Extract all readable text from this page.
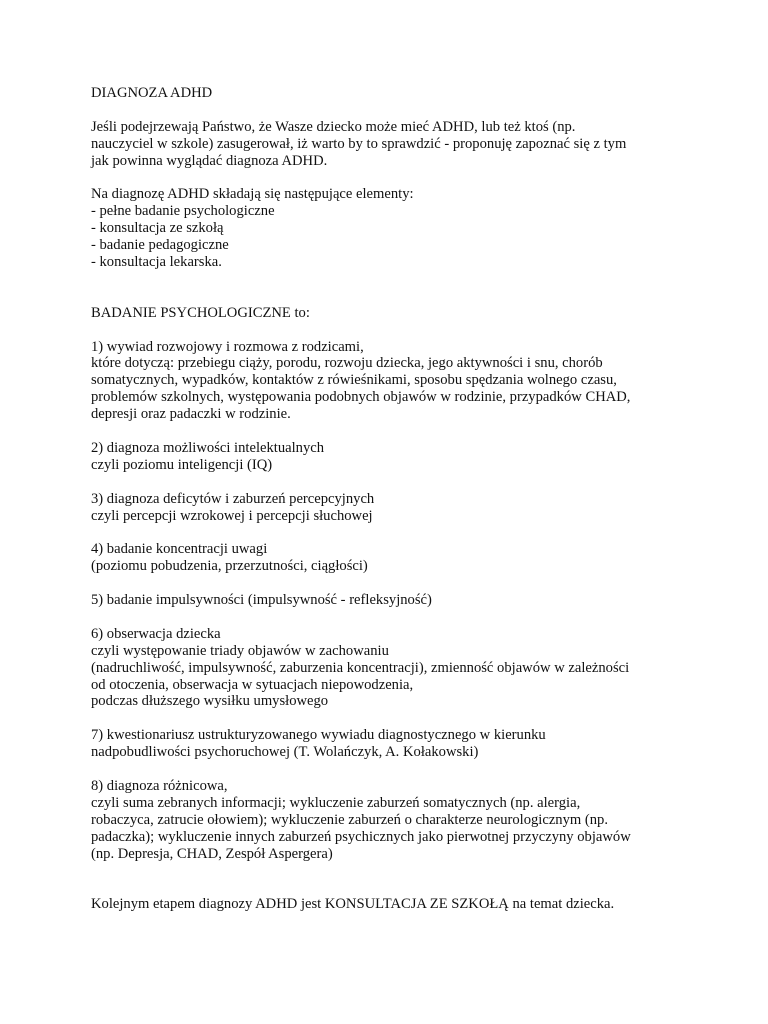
DIAGNOZA ADHD
Jeśli podejrzewają Państwo, że Wasze dziecko może mieć ADHD, lub też ktoś (np.
nauczyciel w szkole) zasugerował, iż warto by to sprawdzić - proponuję zapoznać się z tym
jak powinna wyglądać diagnoza ADHD.
Na diagnozę ADHD składają się następujące elementy:
- pełne badanie psychologiczne
- konsultacja ze szkołą
- badanie pedagogiczne
- konsultacja lekarska.
BADANIE PSYCHOLOGICZNE to:
1) wywiad rozwojowy i rozmowa z rodzicami,
które dotyczą: przebiegu ciąży, porodu, rozwoju dziecka, jego aktywności i snu, chorób
somatycznych, wypadków, kontaktów z rówieśnikami, sposobu spędzania wolnego czasu,
problemów szkolnych, występowania podobnych objawów w rodzinie, przypadków CHAD,
depresji oraz padaczki w rodzinie.
2) diagnoza możliwości intelektualnych
czyli poziomu inteligencji (IQ)
3) diagnoza deficytów i zaburzeń percepcyjnych
czyli percepcji wzrokowej i percepcji słuchowej
4) badanie koncentracji uwagi
(poziomu pobudzenia, przerzutności, ciągłości)
5) badanie impulsywności (impulsywność - refleksyjność)
6) obserwacja dziecka
czyli występowanie triady objawów w zachowaniu
(nadruchliwość, impulsywność, zaburzenia koncentracji), zmienność objawów w zależności
od otoczenia, obserwacja w sytuacjach niepowodzenia,
podczas dłuższego wysiłku umysłowego
7) kwestionariusz ustrukturyzowanego wywiadu diagnostycznego w kierunku
nadpobudliwości psychoruchowej (T. Wolańczyk, A. Kołakowski)
8) diagnoza różnicowa,
czyli suma zebranych informacji; wykluczenie zaburzeń somatycznych (np. alergia,
robaczyca, zatrucie ołowiem); wykluczenie zaburzeń o charakterze neurologicznym (np.
padaczka); wykluczenie innych zaburzeń psychicznych jako pierwotnej przyczyny objawów
(np. Depresja, CHAD, Zespół Aspergera)
Kolejnym etapem diagnozy ADHD jest KONSULTACJA ZE SZKOŁĄ na temat dziecka.
